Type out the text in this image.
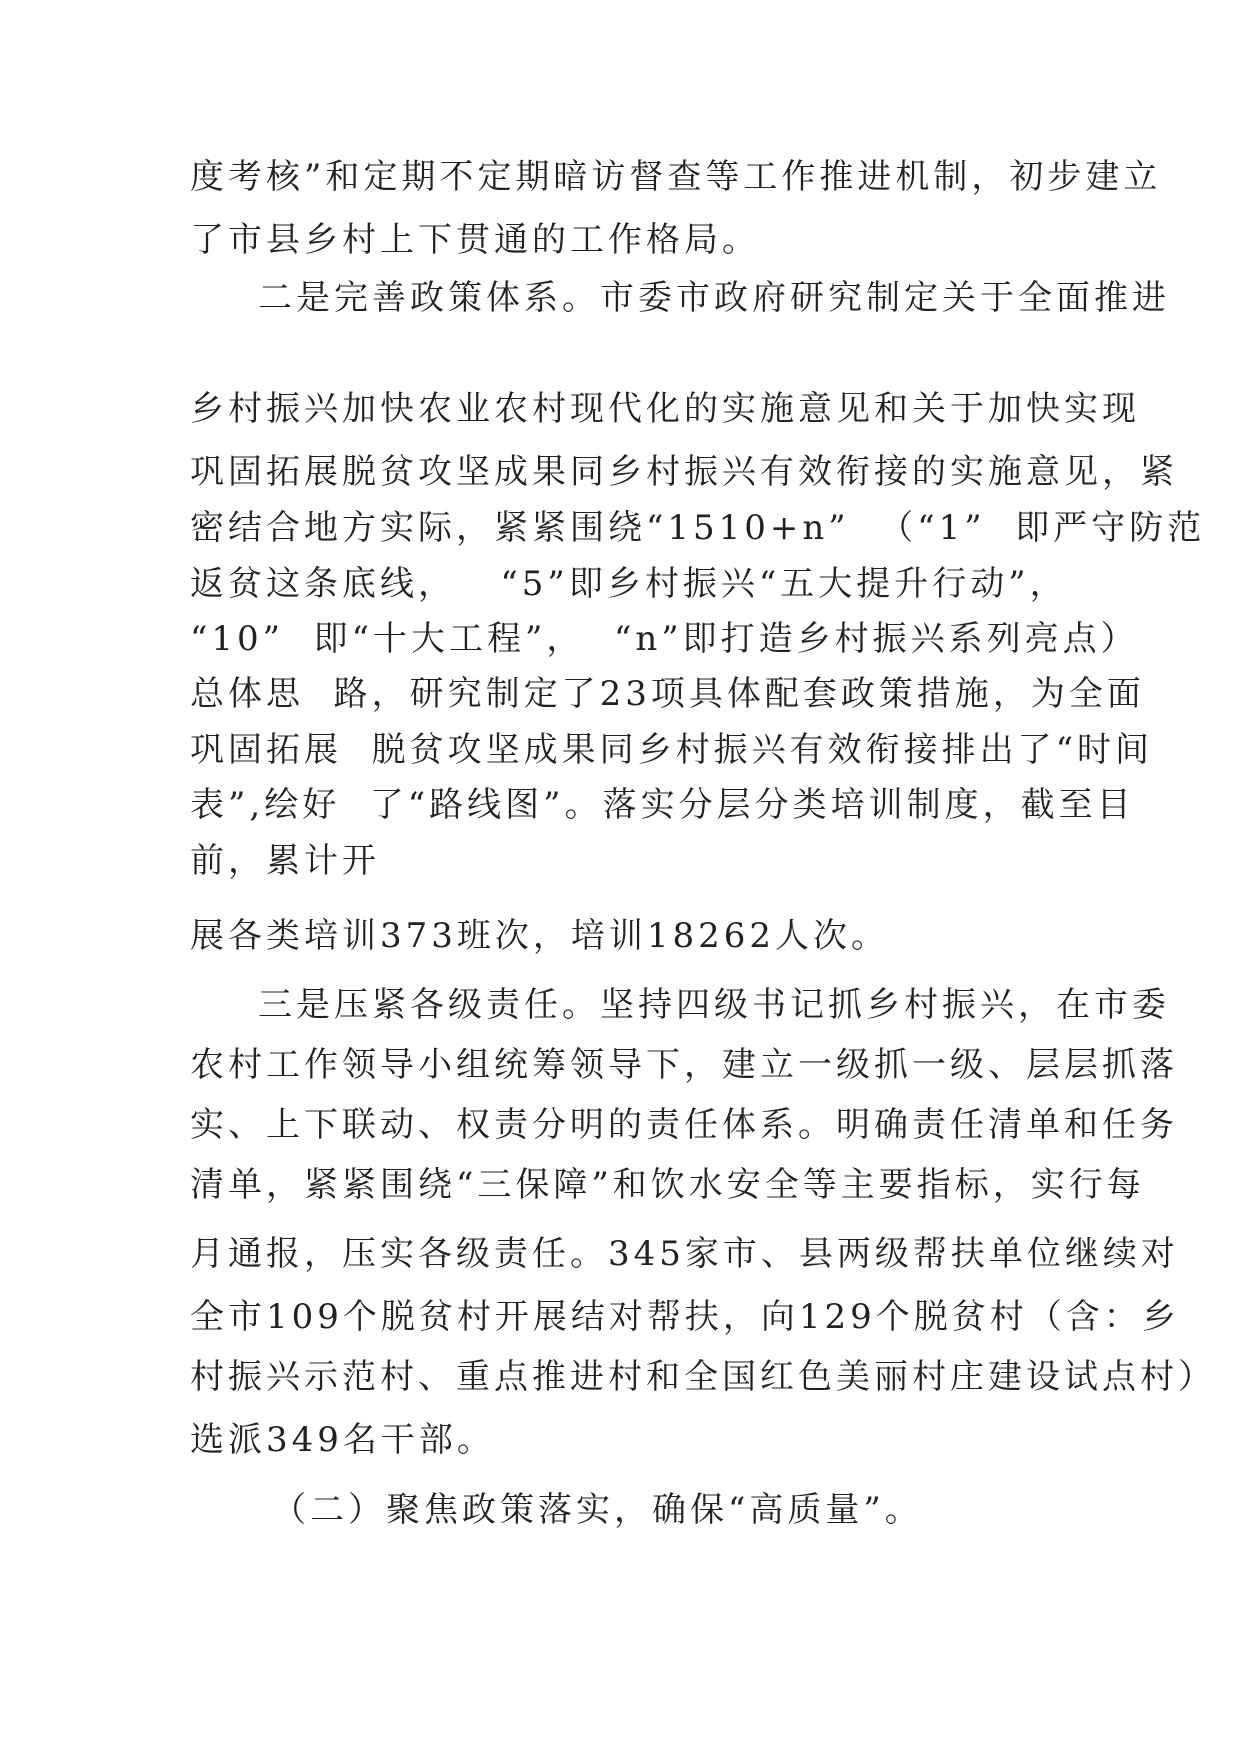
度考核”和定期不定期暗访督查等工作推进机制，初步建立

了市县乡村上下贯通的工作格局。

二是完善政策体系。市委市政府研究制定关于全面推进

乡村振兴加快农业农村现代化的实施意见和关于加快实现

巩固拓展脱贫攻坚成果同乡村振兴有效衔接的实施意见，紧

密结合地方实际，紧紧围绕“1510+n”  （“1”  即严守防范

返贫这条底线，   “5”即乡村振兴“五大提升行动”，

“10”  即“十大工程”，  “n”即打造乡村振兴系列亮点）

总体思  路，研究制定了23项具体配套政策措施，为全面

巩固拓展  脱贫攻坚成果同乡村振兴有效衔接排出了“时间

表”,绘好  了“路线图”。落实分层分类培训制度，截至目

前，累计开

展各类培训373班次，培训18262人次。

三是压紧各级责任。坚持四级书记抓乡村振兴，在市委

农村工作领导小组统筹领导下，建立一级抓一级、层层抓落

实、上下联动、权责分明的责任体系。明确责任清单和任务

清单，紧紧围绕“三保障”和饮水安全等主要指标，实行每

月通报，压实各级责任。345家市、县两级帮扶单位继续对

全市109个脱贫村开展结对帮扶，向129个脱贫村（含：乡

村振兴示范村、重点推进村和全国红色美丽村庄建设试点村）

选派349名干部。

（二）聚焦政策落实，确保“高质量”。
